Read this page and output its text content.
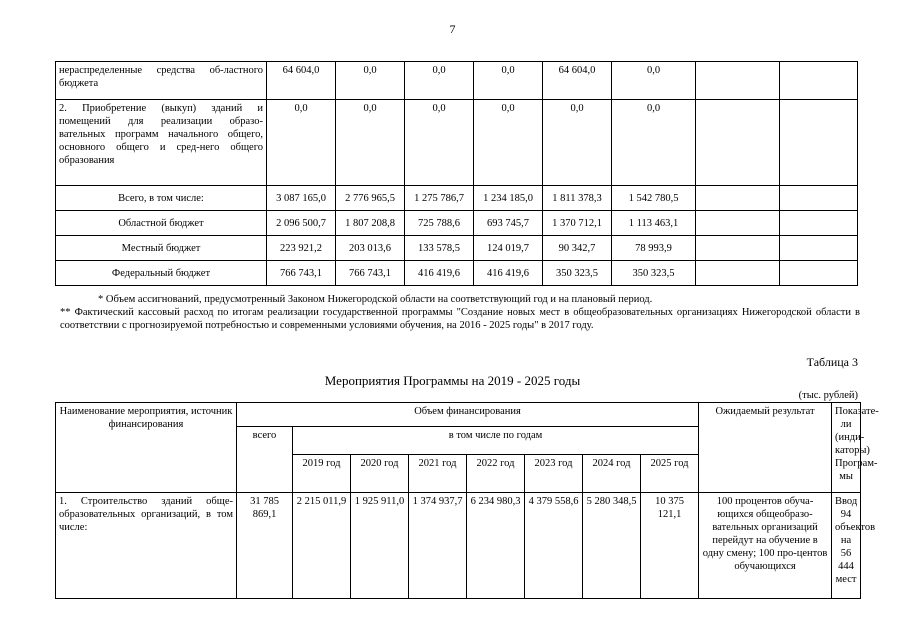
7
нераспределенные средства об-ластного бюджета	64 604,0	0,0	0,0	0,0	64 604,0	0,0		
2. Приобретение (выкуп) зданий и помещений для реализации образо-вательных программ начального общего, основного общего и сред-него общего образования	0,0	0,0	0,0	0,0	0,0	0,0		
Всего, в том числе:	3 087 165,0	2 776 965,5	1 275 786,7	1 234 185,0	1 811 378,3	1 542 780,5		
Областной бюджет	2 096 500,7	1 807 208,8	725 788,6	693 745,7	1 370 712,1	1 113 463,1		
Местный бюджет	223 921,2	203 013,6	133 578,5	124 019,7	90 342,7	78 993,9		
Федеральный бюджет	766 743,1	766 743,1	416 419,6	416 419,6	350 323,5	350 323,5		
* Объем ассигнований, предусмотренный Законом Нижегородской области на соответствующий год и на плановый период.
** Фактический кассовый расход по итогам реализации государственной программы "Создание новых мест в общеобразовательных организациях Нижегородской области в соответствии с прогнозируемой потребностью и современными условиями обучения, на 2016 - 2025 годы" в 2017 году.
Таблица 3
Мероприятия Программы на 2019 - 2025 годы
(тыс. рублей)
Наименование мероприятия, источник финансирования	Объем финансирования								Ожидаемый результат	Показате-ли (инди-каторы) Програм-мы
	всего	в том числе по годам								
		2019 год	2020 год	2021 год	2022 год	2023 год	2024 год	2025 год		
1. Строительство зданий обще-образовательных организаций, в том числе:	31 785 869,1	2 215 011,9	1 925 911,0	1 374 937,7	6 234 980,3	4 379 558,6	5 280 348,5	10 375 121,1	100 процентов обуча-ющихся общеобразо-вательных организаций перейдут на обучение в одну смену; 100 про-центов обучающихся	Ввод 94 объектов на 56 444 мест
